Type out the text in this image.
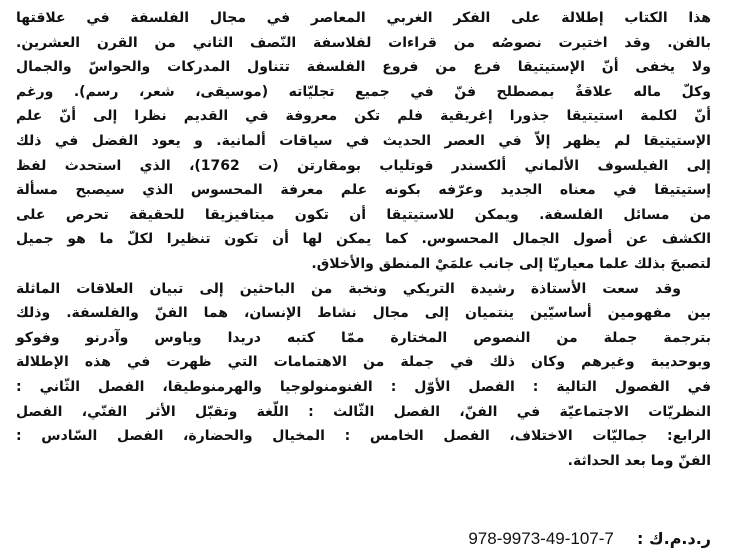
هذا الكتاب إطلالة على الفكر الغربي المعاصر في مجال الفلسفة في علاقتها
بالفن. وقد اختيرت نصوصُه من قراءات لفلاسفة النّصف الثاني من القرن العشرين.
ولا يخفى أنّ الإستيتيقا فرع من فروع الفلسفة تتناول المدركات والحواسّ والجمال
وكلّ ماله علاقةٌ بمصطلح فنّ في جميع تجليّاته (موسيقى، شعر، رسم). ورغم
أنّ لكلمة استيتيقا جذورا إغريقية فلم تكن معروفة في القديم نظرا إلى أنّ علم
الإستيتيقا لم يظهر إلاّ في العصر الحديث في سياقات ألمانية. و يعود الفضل في ذلك
إلى الفيلسوف الألماني ألكسندر قوتلياب بومقارتن (ت 1762)، الذي استحدث لفظ
إستيتيقا في معناه الجديد وعرّفه بكونه علم معرفة المحسوس الذي سيصبح مسألة
من مسائل الفلسفة. ويمكن للاستيتيقا أن تكون ميتافيزيقا للحقيقة تحرص على
الكشف عن أصول الجمال المحسوس. كما يمكن لها أن تكون تنظيرا لكلّ ما هو جميل
لتصبحَ بذلك علما معياريّا إلى جانب علمَيْ المنطق والأخلاق.
وقد سعت الأستاذة رشيدة التريكي ونخبة من الباحثين إلى تبيان العلاقات الماثلة
بين مفهومين أساسيّين ينتميان إلى مجال نشاط الإنسان، هما الفنّ والفلسفة. وذلك
بترجمة جملة من النصوص المختارة ممّا كتبه دريدا وياوس وآدرنو وفوكو
وبوحديبة وغيرهم وكان ذلك في جملة من الاهتمامات التي ظهرت في هذه الإطلالة
في الفصول التالية : الفصل الأوّل : الفنومنولوجيا والهرمنوطيقا، الفصل الثّاني :
النظريّات الاجتماعيّة في الفنّ، الفصل الثّالث : اللّغة وتقبّل الأثر الفنّي، الفصل
الرابع: جماليّات الاختلاف، الفصل الخامس : المخيال والحضارة، الفصل السّادس :
الفنّ وما بعد الحداثة.
ر.د.م.ك : 978-9973-49-107-7
